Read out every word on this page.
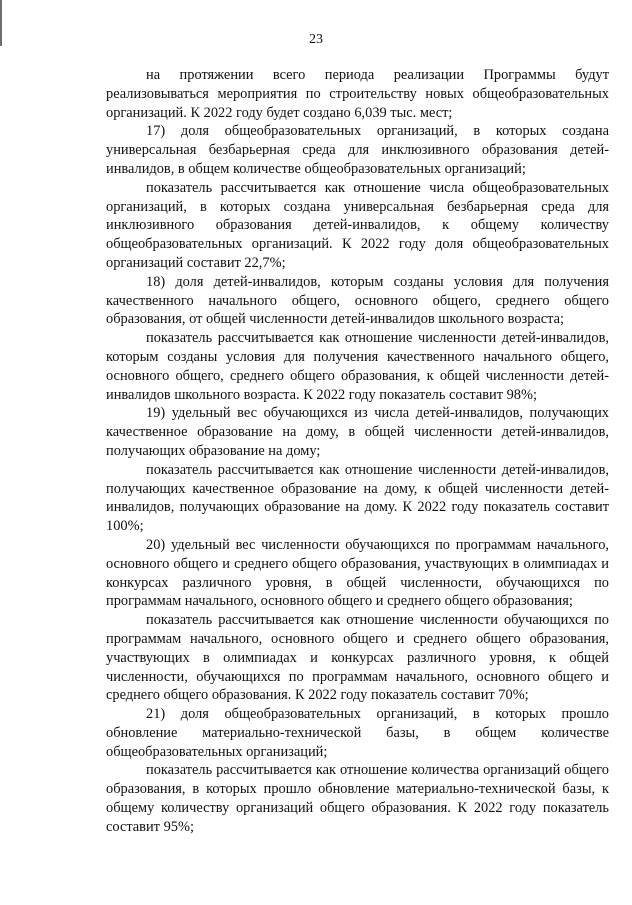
23

на протяжении всего периода реализации Программы будут реализовываться мероприятия по строительству новых общеобразовательных организаций. К 2022 году будет создано 6,039 тыс. мест;

17) доля общеобразовательных организаций, в которых создана универсальная безбарьерная среда для инклюзивного образования детей-инвалидов, в общем количестве общеобразовательных организаций;

показатель рассчитывается как отношение числа общеобразовательных организаций, в которых создана универсальная безбарьерная среда для инклюзивного образования детей-инвалидов, к общему количеству общеобразовательных организаций. К 2022 году доля общеобразовательных организаций составит 22,7%;

18) доля детей-инвалидов, которым созданы условия для получения качественного начального общего, основного общего, среднего общего образования, от общей численности детей-инвалидов школьного возраста;

показатель рассчитывается как отношение численности детей-инвалидов, которым созданы условия для получения качественного начального общего, основного общего, среднего общего образования, к общей численности детей-инвалидов школьного возраста. К 2022 году показатель составит 98%;

19) удельный вес обучающихся из числа детей-инвалидов, получающих качественное образование на дому, в общей численности детей-инвалидов, получающих образование на дому;

показатель рассчитывается как отношение численности детей-инвалидов, получающих качественное образование на дому, к общей численности детей-инвалидов, получающих образование на дому. К 2022 году показатель составит 100%;

20) удельный вес численности обучающихся по программам начального, основного общего и среднего общего образования, участвующих в олимпиадах и конкурсах различного уровня, в общей численности, обучающихся по программам начального, основного общего и среднего общего образования;

показатель рассчитывается как отношение численности обучающихся по программам начального, основного общего и среднего общего образования, участвующих в олимпиадах и конкурсах различного уровня, к общей численности, обучающихся по программам начального, основного общего и среднего общего образования. К 2022 году показатель составит 70%;

21) доля общеобразовательных организаций, в которых прошло обновление материально-технической базы, в общем количестве общеобразовательных организаций;

показатель рассчитывается как отношение количества организаций общего образования, в которых прошло обновление материально-технической базы, к общему количеству организаций общего образования. К 2022 году показатель составит 95%;
